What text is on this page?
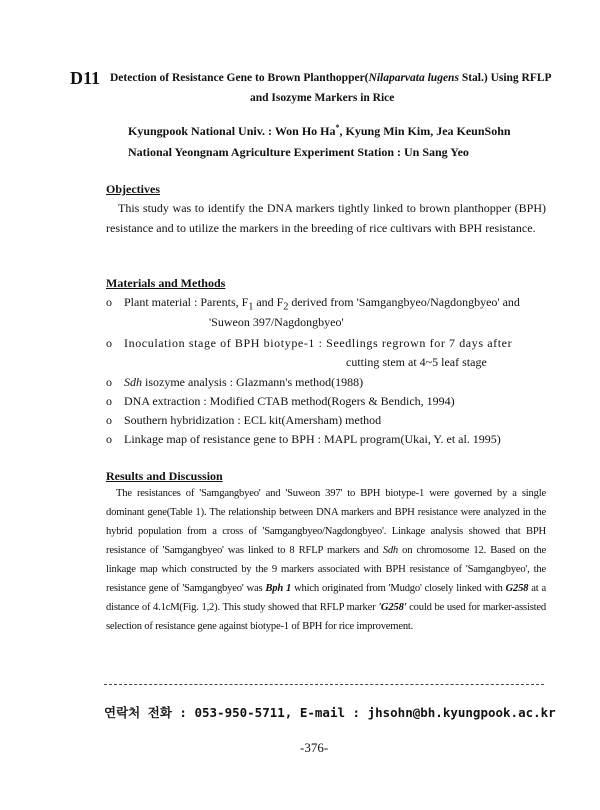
D11 Detection of Resistance Gene to Brown Planthopper(Nilaparvata lugens Stal.) Using RFLP
and Isozyme Markers in Rice
Kyungpook National Univ. : Won Ho Ha*, Kyung Min Kim, Jea KeunSohn
National Yeongnam Agriculture Experiment Station : Un Sang Yeo
Objectives
This study was to identify the DNA markers tightly linked to brown planthopper (BPH) resistance and to utilize the markers in the breeding of rice cultivars with BPH resistance.
Materials and Methods
o Plant material : Parents, $F_1$ and $F_2$ derived from 'Samgangbyeo/Nagdongbyeo' and
'Suweon 397/Nagdongbyeo'
o Inoculation stage of BPH biotype-1 : Seedlings regrown for 7 days after
cutting stem at 4~5 leaf stage
o Sdh isozyme analysis : Glazmann's method(1988)
o DNA extraction : Modified CTAB method(Rogers & Bendich, 1994)
o Southern hybridization : ECL kit(Amersham) method
o Linkage map of resistance gene to BPH : MAPL program(Ukai, Y. et al. 1995)
Results and Discussion
The resistances of 'Samgangbyeo' and 'Suweon 397' to BPH biotype-1 were governed by a single dominant gene(Table 1). The relationship between DNA markers and BPH resistance were analyzed in the hybrid population from a cross of 'Samgangbyeo/Nagdongbyeo'. Linkage analysis showed that BPH resistance of 'Samgangbyeo' was linked to 8 RFLP markers and Sdh on chromosome 12. Based on the linkage map which constructed by the 9 markers associated with BPH resistance of 'Samgangbyeo', the resistance gene of 'Samgangbyeo' was Bph 1 which originated from 'Mudgo' closely linked with G258 at a distance of 4.1cM(Fig. 1,2). This study showed that RFLP marker 'G258' could be used for marker-assisted selection of resistance gene against biotype-1 of BPH for rice improvement.
연락처 전화 : 053-950-5711, E-mail : jhsohn@bh.kyungpook.ac.kr
-376-
